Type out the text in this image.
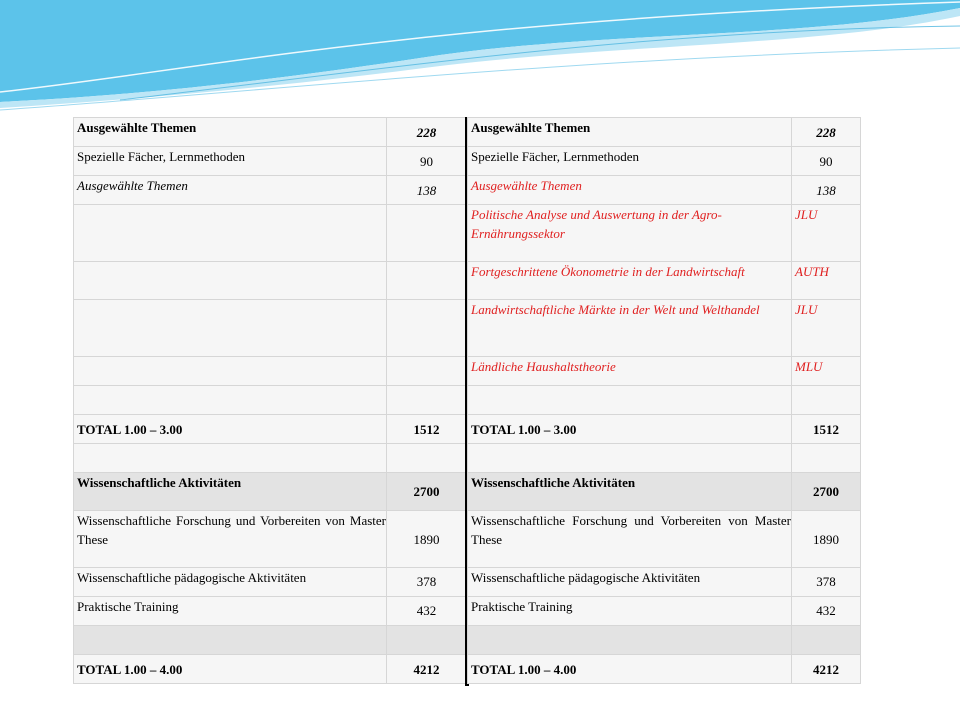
Ausgewählte Themen	228
Spezielle Fächer, Lernmethoden	90
Ausgewählte Themen	138

TOTAL 1.00 – 3.00	1512

Wissenschaftliche Aktivitäten	2700
Wissenschaftliche Forschung und Vorbereiten von Master These	1890
Wissenschaftliche pädagogische Aktivitäten	378
Praktische Training	432

TOTAL 1.00 – 4.00	4212
Ausgewählte Themen	228
Spezielle Fächer, Lernmethoden	90
Ausgewählte Themen	138
Politische Analyse und Auswertung in der Agro-Ernährungssektor	JLU
Fortgeschrittene Ökonometrie in der Landwirtschaft	AUTH
Landwirtschaftliche Märkte in der Welt und Welthandel	JLU
Ländliche Haushaltstheorie	MLU

TOTAL 1.00 – 3.00	1512

Wissenschaftliche Aktivitäten	2700
Wissenschaftliche Forschung und Vorbereiten von Master These	1890
Wissenschaftliche pädagogische Aktivitäten	378
Praktische Training	432

TOTAL 1.00 – 4.00	4212
